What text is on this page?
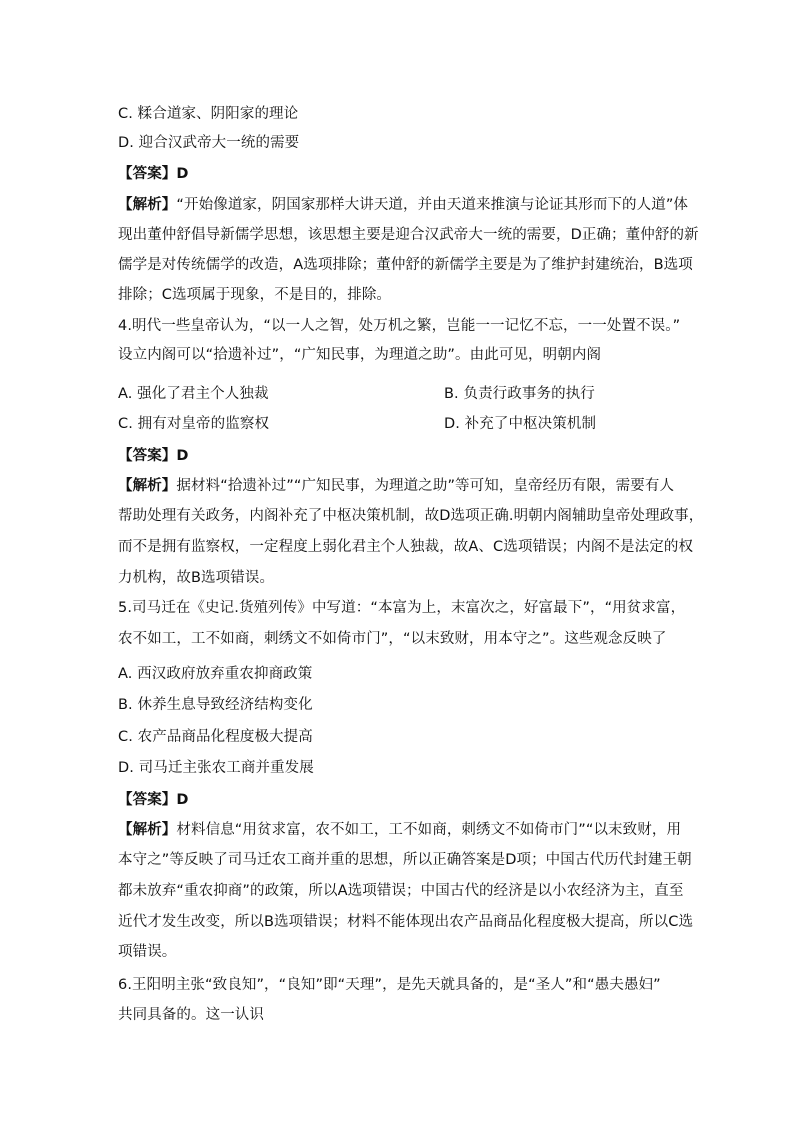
C. 糅合道家、阴阳家的理论
D. 迎合汉武帝大一统的需要
【答案】D
【解析】“开始像道家，阴国家那样大讲天道，并由天道来推演与论证其形而下的人道”体
现出董仲舒倡导新儒学思想，该思想主要是迎合汉武帝大一统的需要，D正确；董仲舒的新
儒学是对传统儒学的改造，A选项排除；董仲舒的新儒学主要是为了维护封建统治，B选项
排除；C选项属于现象，不是目的，排除。
4.明代一些皇帝认为，“以一人之智，处万机之繁，岂能一一记忆不忘，一一处置不误。”
设立内阁可以“拾遗补过”，“广知民事，为理道之助”。由此可见，明朝内阁
A. 强化了君主个人独裁	B. 负责行政事务的执行
C. 拥有对皇帝的监察权	D. 补充了中枢决策机制
【答案】D
【解析】据材料“拾遗补过”“广知民事，为理道之助”等可知，皇帝经历有限，需要有人
帮助处理有关政务，内阁补充了中枢决策机制，故D选项正确.明朝内阁辅助皇帝处理政事，
而不是拥有监察权，一定程度上弱化君主个人独裁，故A、C选项错误；内阁不是法定的权
力机构，故B选项错误。
5.司马迁在《史记.货殖列传》中写道：“本富为上，末富次之，好富最下”，“用贫求富，
农不如工，工不如商，刺绣文不如倚市门”，“以末致财，用本守之”。这些观念反映了
A. 西汉政府放弃重农抑商政策
B. 休养生息导致经济结构变化
C. 农产品商品化程度极大提高
D. 司马迁主张农工商并重发展
【答案】D
【解析】材料信息“用贫求富，农不如工，工不如商，刺绣文不如倚市门”“以末致财，用
本守之”等反映了司马迁农工商并重的思想，所以正确答案是D项；中国古代历代封建王朝
都未放弃“重农抑商”的政策，所以A选项错误；中国古代的经济是以小农经济为主，直至
近代才发生改变，所以B选项错误；材料不能体现出农产品商品化程度极大提高，所以C选
项错误。
6.王阳明主张“致良知”，“良知”即“天理”，是先天就具备的，是“圣人”和“愚夫愚妇”
共同具备的。这一认识
